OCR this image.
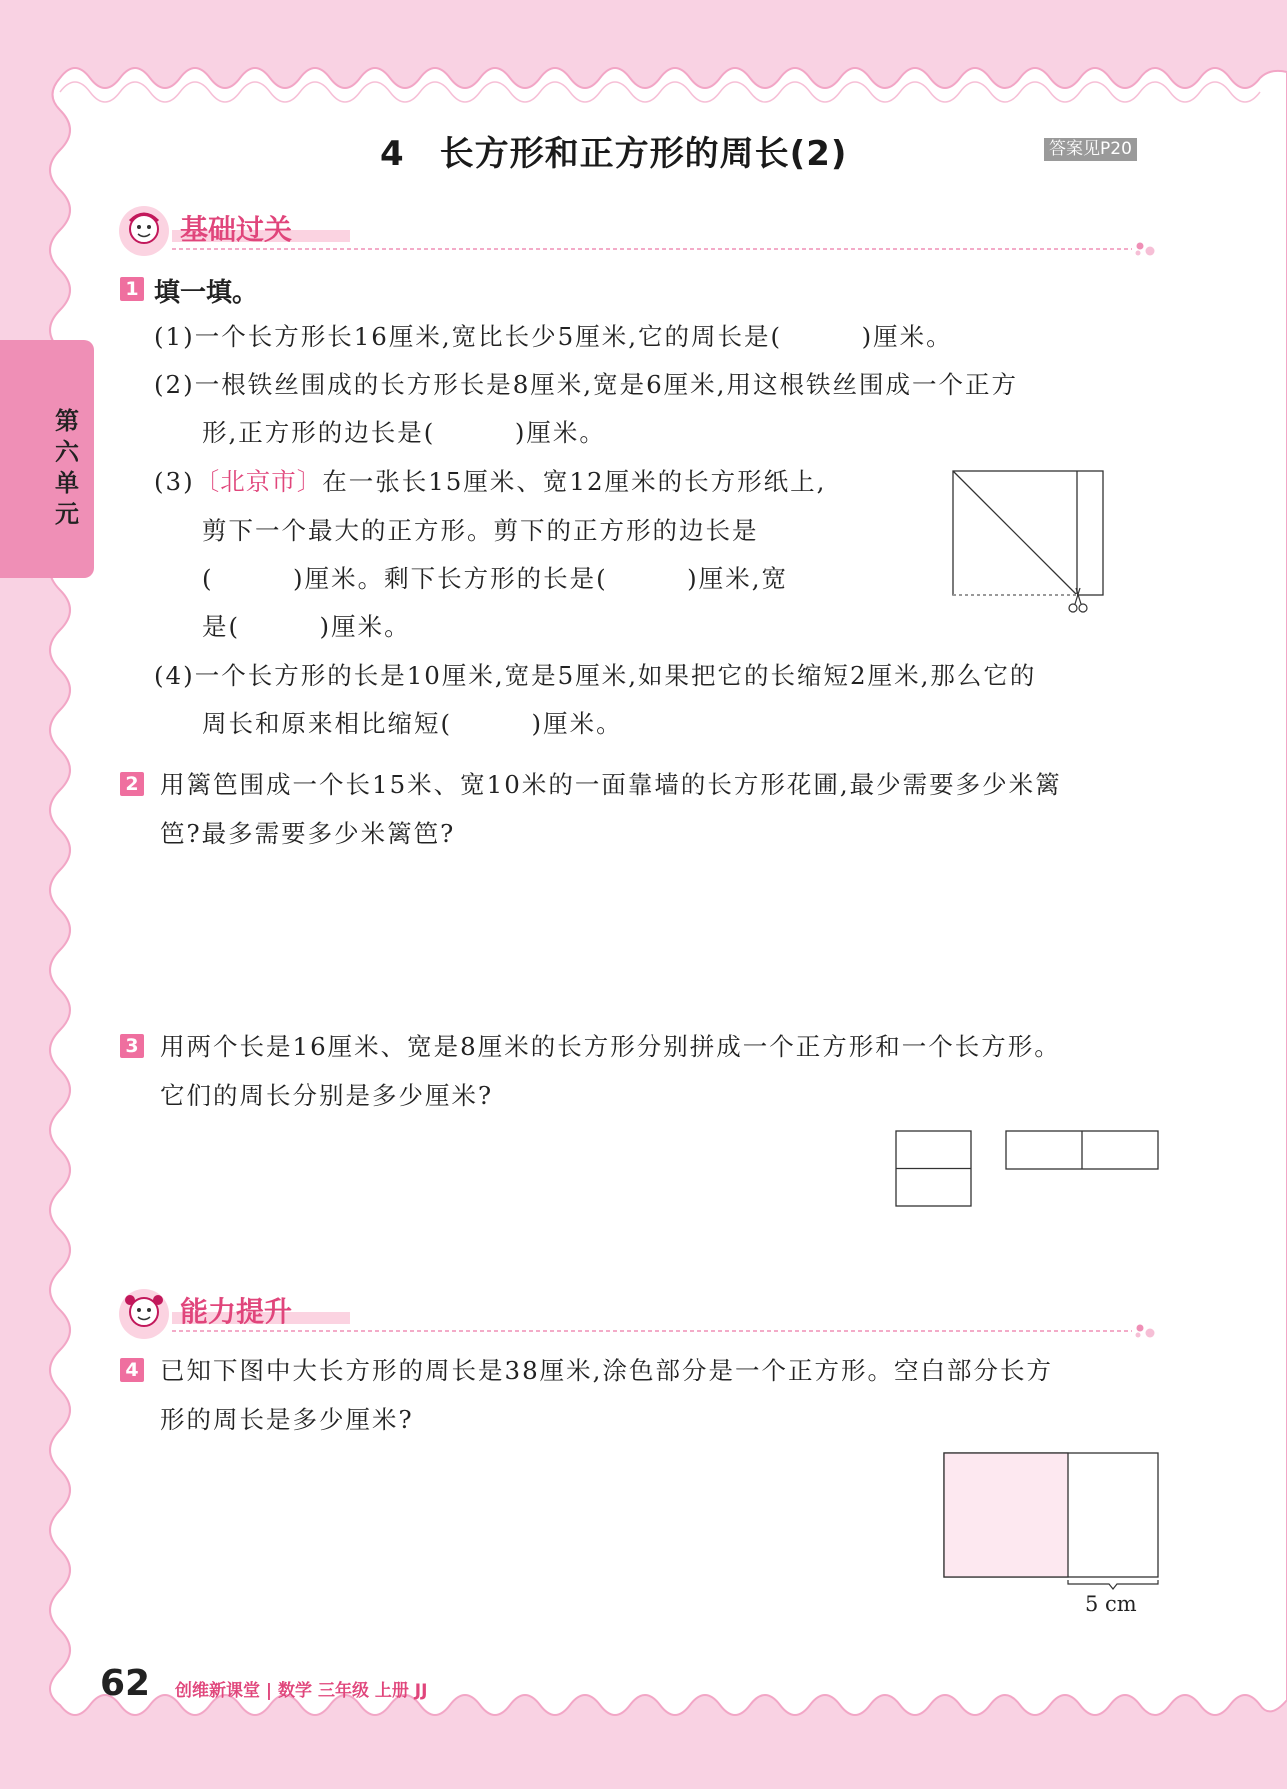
第六单元
4　长方形和正方形的周长(2)	答案见P20
基础过关
1 填一填。
(1)一个长方形长16厘米,宽比长少5厘米,它的周长是(　　　)厘米。
(2)一根铁丝围成的长方形长是8厘米,宽是6厘米,用这根铁丝围成一个正方
形,正方形的边长是(　　　)厘米。
(3)〔北京市〕在一张长15厘米、宽12厘米的长方形纸上,
剪下一个最大的正方形。剪下的正方形的边长是
(　　　)厘米。剩下长方形的长是(　　　)厘米,宽
是(　　　)厘米。
(4)一个长方形的长是10厘米,宽是5厘米,如果把它的长缩短2厘米,那么它的
周长和原来相比缩短(　　　)厘米。
2 用篱笆围成一个长15米、宽10米的一面靠墙的长方形花圃,最少需要多少米篱
笆?最多需要多少米篱笆?
3 用两个长是16厘米、宽是8厘米的长方形分别拼成一个正方形和一个长方形。
它们的周长分别是多少厘米?
能力提升
4 已知下图中大长方形的周长是38厘米,涂色部分是一个正方形。空白部分长方
形的周长是多少厘米?
5 cm
62 创维新课堂 | 数学 三年级 上册 JJ
